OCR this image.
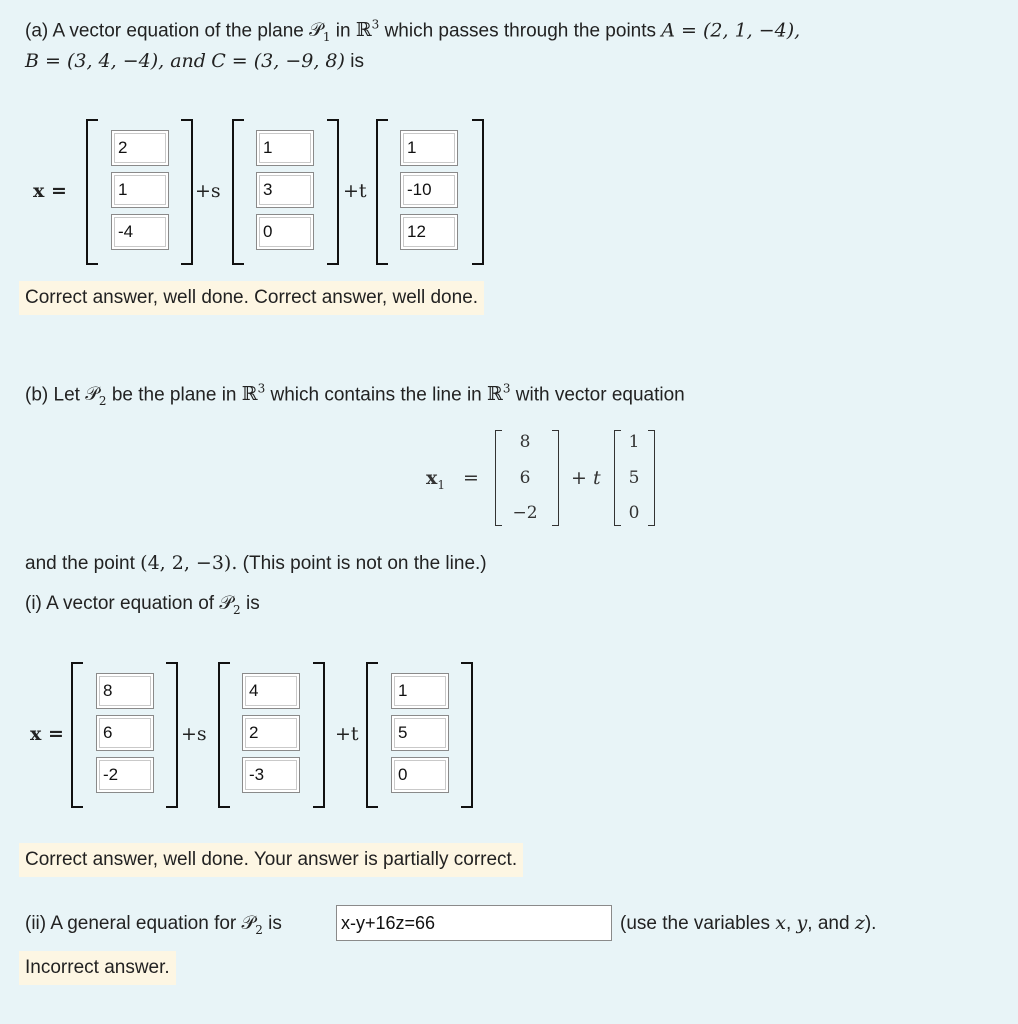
(a) A vector equation of the plane 𝒫$_1$ in ℝ$^3$ which passes through the points A = (2, 1, −4),
B = (3, 4, −4), and C = (3, −9, 8) is
x =
2
1
-4
+s
1
3
0
+t
1
-10
12
Correct answer, well done. Correct answer, well done.
(b) Let 𝒫$_2$ be the plane in ℝ$^3$ which contains the line in ℝ$^3$ with vector equation
$x_1$ =
8
6
−2
+ t
1
5
0
and the point (4, 2, −3). (This point is not on the line.)
(i) A vector equation of 𝒫$_2$ is
x =
8
6
-2
+s
4
2
-3
+t
1
5
0
Correct answer, well done. Your answer is partially correct.
(ii) A general equation for 𝒫$_2$ is	x-y+16z=66	(use the variables x, y, and z).
Incorrect answer.
